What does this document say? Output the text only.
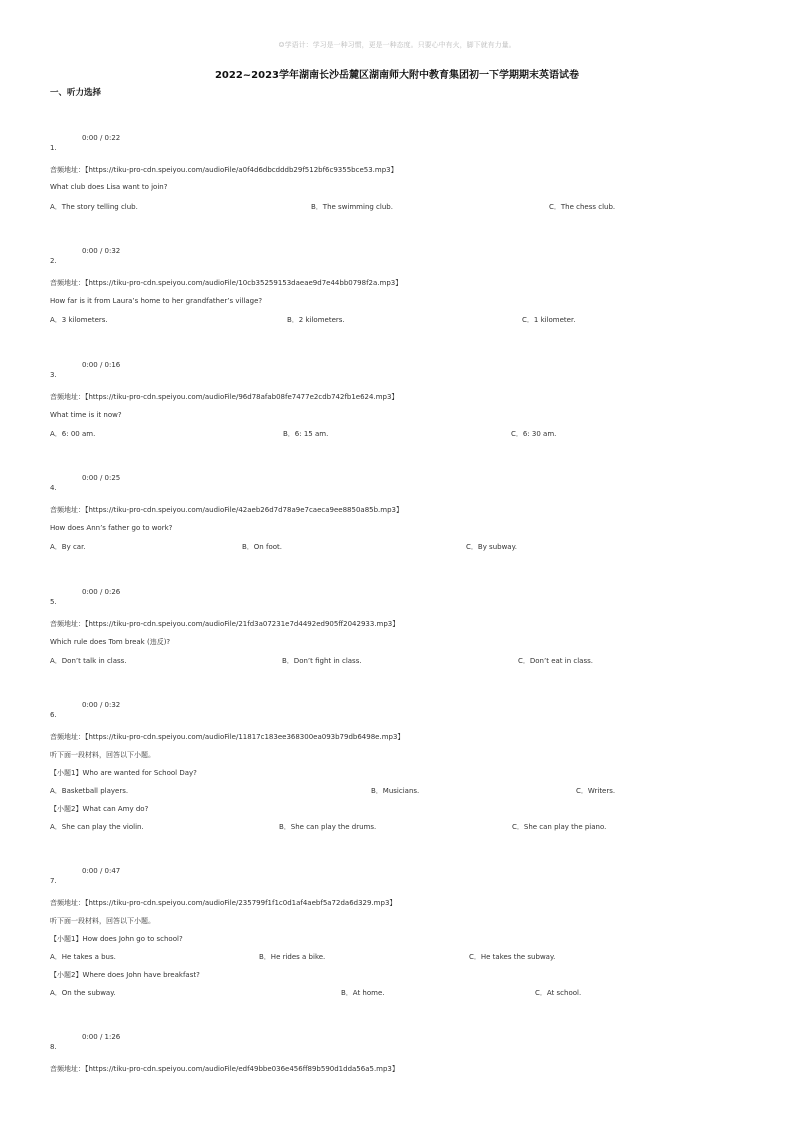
☺学语计：学习是一种习惯，更是一种态度。只要心中有火，脚下就有力量。
2022~2023学年湖南长沙岳麓区湖南师大附中教育集团初一下学期期末英语试卷
一、听力选择
0:00 / 0:22
1.
音频地址：【https://tiku-pro-cdn.speiyou.com/audioFile/a0f4d6dbcdddb29f512bf6c9355bce53.mp3】
What club does Lisa want to join?
A．The story telling club.	B．The swimming club.	C．The chess club.
0:00 / 0:32
2.
音频地址：【https://tiku-pro-cdn.speiyou.com/audioFile/10cb35259153daeae9d7e44bb0798f2a.mp3】
How far is it from Laura’s home to her grandfather’s village?
A．3 kilometers.	B．2 kilometers.	C．1 kilometer.
0:00 / 0:16
3.
音频地址：【https://tiku-pro-cdn.speiyou.com/audioFile/96d78afab08fe7477e2cdb742fb1e624.mp3】
What time is it now?
A．6: 00 am.	B．6: 15 am.	C．6: 30 am.
0:00 / 0:25
4.
音频地址：【https://tiku-pro-cdn.speiyou.com/audioFile/42aeb26d7d78a9e7caeca9ee8850a85b.mp3】
How does Ann’s father go to work?
A．By car.	B．On foot.	C．By subway.
0:00 / 0:26
5.
音频地址：【https://tiku-pro-cdn.speiyou.com/audioFile/21fd3a07231e7d4492ed905ff2042933.mp3】
Which rule does Tom break (违反)?
A．Don’t talk in class.	B．Don’t fight in class.	C．Don’t eat in class.
0:00 / 0:32
6.
音频地址：【https://tiku-pro-cdn.speiyou.com/audioFile/11817c183ee368300ea093b79db6498e.mp3】
听下面一段材料，回答以下小题。
【小题1】Who are wanted for School Day?
A．Basketball players.	B．Musicians.	C．Writers.
【小题2】What can Amy do?
A．She can play the violin.	B．She can play the drums.	C．She can play the piano.
0:00 / 0:47
7.
音频地址：【https://tiku-pro-cdn.speiyou.com/audioFile/235799f1f1c0d1af4aebf5a72da6d329.mp3】
听下面一段材料，回答以下小题。
【小题1】How does John go to school?
A．He takes a bus.	B．He rides a bike.	C．He takes the subway.
【小题2】Where does John have breakfast?
A．On the subway.	B．At home.	C．At school.
0:00 / 1:26
8.
音频地址：【https://tiku-pro-cdn.speiyou.com/audioFile/edf49bbe036e456ff89b590d1dda56a5.mp3】
